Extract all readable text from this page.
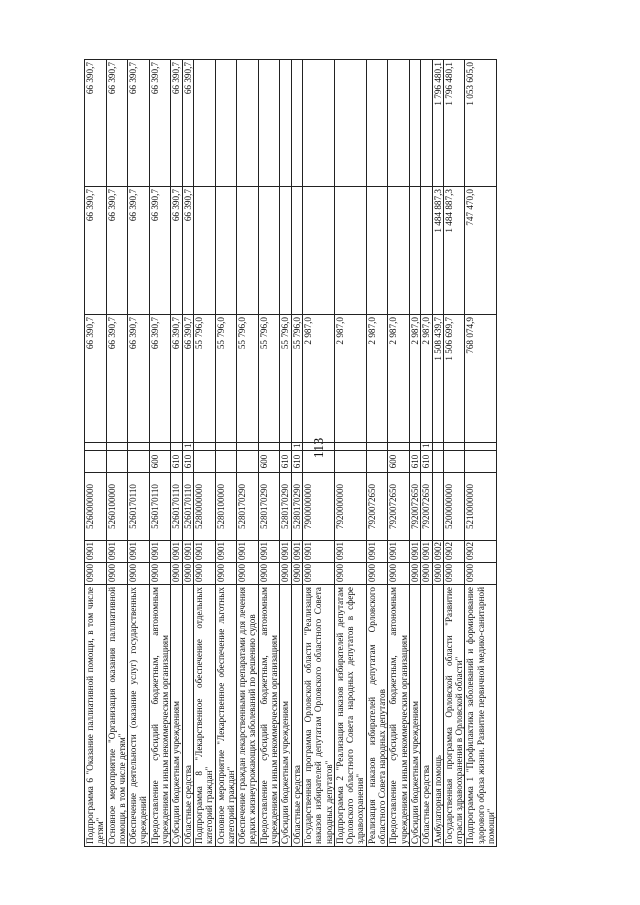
113
Подпрограмма 6 "Оказание паллиативной помощи, в том числе детям"	0900	0901	5260000000			66 390,7	66 390,7	66 390,7
Основное мероприятие "Организация оказания паллиативной помощи, в том числе детям"	0900	0901	5260100000			66 390,7	66 390,7	66 390,7
Обеспечение деятельности (оказание услуг) государственных учреждений	0900	0901	5260170110			66 390,7	66 390,7	66 390,7
Предоставление субсидий бюджетным, автономным учреждениям и иным некоммерческим организациям	0900	0901	5260170110	600		66 390,7	66 390,7	66 390,7
Субсидии бюджетным учреждениям	0900	0901	5260170110	610		66 390,7	66 390,7	66 390,7
Областные средства	0900	0901	5260170110	610	1	66 390,7	66 390,7	66 390,7
Подпрограмма 8 "Лекарственное обеспечение отдельных категорий граждан"	0900	0901	5280000000			55 796,0		
Основное мероприятие "Лекарственное обеспечение льготных категорий граждан"	0900	0901	5280100000			55 796,0		
Обеспечение граждан лекарственными препаратами для лечения редких жизнеугрожающих заболеваний по решению судов	0900	0901	5280170290			55 796,0		
Предоставление субсидий бюджетным, автономным учреждениям и иным некоммерческим организациям	0900	0901	5280170290	600		55 796,0		
Субсидии бюджетным учреждениям	0900	0901	5280170290	610		55 796,0		
Областные средства	0900	0901	5280170290	610	1	55 796,0		
Государственная программа Орловской области "Реализация наказов избирателей депутатам Орловского областного Совета народных депутатов"	0900	0901	7900000000			2 987,0		
Подпрограмма 2 "Реализация наказов избирателей депутатам Орловского областного Совета народных депутатов в сфере здравоохранения"	0900	0901	7920000000			2 987,0		
Реализация наказов избирателей депутатам Орловского областного Совета народных депутатов	0900	0901	7920072650			2 987,0		
Предоставление субсидий бюджетным, автономным учреждениям и иным некоммерческим организациям	0900	0901	7920072650	600		2 987,0		
Субсидии бюджетным учреждениям	0900	0901	7920072650	610		2 987,0		
Областные средства	0900	0901	7920072650	610	1	2 987,0		
Амбулаторная помощь	0900	0902				1 508 439,7	1 484 887,3	1 796 480,1
Государственная программа Орловской области "Развитие отрасли здравоохранения в Орловской области"	0900	0902	5200000000			1 506 699,7	1 484 887,3	1 796 480,1
Подпрограмма 1 "Профилактика заболеваний и формирование здорового образа жизни. Развитие первичной медико-санитарной помощи"	0900	0902	5210000000			768 074,9	747 470,0	1 053 605,0
